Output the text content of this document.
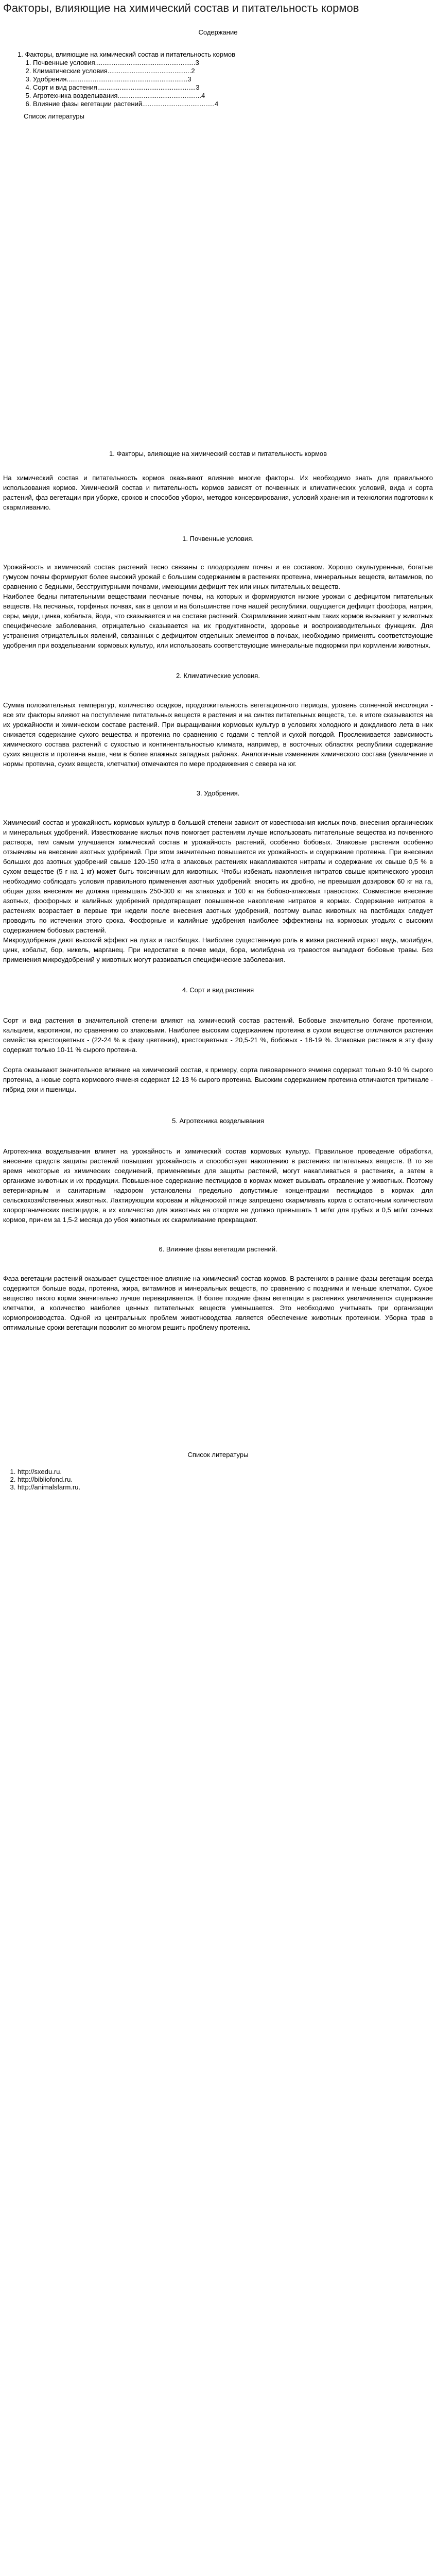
Факторы, влияющие на химический состав и питательность кормов
Содержание
1. Факторы, влияющие на химический состав и питательность кормов
1. Почвенные условия......................................................3
2. Климатические условия.............................................2
3. Удобрения.................................................................3
4. Сорт и вид растения.....................................................3
5. Агротехника возделывания.............................................4
6. Влияние фазы вегетации растений.......................................4
Список литературы
1. Факторы, влияющие на химический состав и питательность кормов

На химический состав и питательность кормов оказывают влияние многие факторы. Их необходимо знать для правильного использования кормов. Химический состав и питательность кормов зависят от почвенных и климатических условий, вида и сорта растений, фаз вегетации при уборке, сроков и способов уборки, методов консервирования, условий хранения и технологии подготовки к скармливанию.

1. Почвенные условия.

Урожайность и химический состав растений тесно связаны с плодородием почвы и ее составом. Хорошо окультуренные, богатые гумусом почвы формируют более высокий урожай с большим содержанием в растениях протеина, минеральных веществ, витаминов, по сравнению с бедными, бесструктурными почвами, имеющими дефицит тех или иных питательных веществ.

Наиболее бедны питательными веществами песчаные почвы, на которых и формируются низкие урожаи с дефицитом питательных веществ. На песчаных, торфяных почвах, как в целом и на большинстве почв нашей республики, ощущается дефицит фосфора, натрия, серы, меди, цинка, кобальта, йода, что сказывается и на составе растений. Скармливание животным таких кормов вызывает у животных специфические заболевания, отрицательно сказывается на их продуктивности, здоровье и воспроизводительных функциях. Для устранения отрицательных явлений, связанных с дефицитом отдельных элементов в почвах, необходимо применять соответствующие удобрения при возделывании кормовых культур, или использовать соответствующие минеральные подкормки при кормлении животных.

2. Климатические условия.

Сумма положительных температур, количество осадков, продолжительность вегетационного периода, уровень солнечной инсоляции - все эти факторы влияют на поступление питательных веществ в растения и на синтез питательных веществ, т.е. в итоге сказываются на их урожайности и химическом составе растений. При выращивании кормовых культур в условиях холодного и дождливого лета в них снижается содержание сухого вещества и протеина по сравнению с годами с теплой и сухой погодой. Прослеживается зависимость химического состава растений с сухостью и континентальностью климата, например, в восточных областях республики содержание сухих веществ и протеина выше, чем в более влажных западных районах. Аналогичные изменения химического состава (увеличение и нормы протеина, сухих веществ, клетчатки) отмечаются по мере продвижения с севера на юг.

3. Удобрения.

Химический состав и урожайность кормовых культур в большой степени зависит от известкования кислых почв, внесения органических и минеральных удобрений. Известкование кислых почв помогает растениям лучше использовать питательные вещества из почвенного раствора, тем самым улучшается химический состав и урожайность растений, особенно бобовых. Злаковые растения особенно отзывчивы на внесение азотных удобрений. При этом значительно повышается их урожайность и содержание протеина. При внесении больших доз азотных удобрений свыше 120-150 кг/га в злаковых растениях накапливаются нитраты и содержание их свыше 0,5 % в сухом веществе (5 г на 1 кг) может быть токсичным для животных. Чтобы избежать накопления нитратов свыше критического уровня необходимо соблюдать условия правильного применения азотных удобрений: вносить их дробно, не превышая дозировок 60 кг на га, общая доза внесения не должна превышать 250-300 кг на злаковых и 100 кг на бобово-злаковых травостоях. Совместное внесение азотных, фосфорных и калийных удобрений предотвращает повышенное накопление нитратов в кормах. Содержание нитратов в растениях возрастает в первые три недели после внесения азотных удобрений, поэтому выпас животных на пастбищах следует проводить по истечении этого срока. Фосфорные и калийные удобрения наиболее эффективны на кормовых угодьях с высоким содержанием бобовых растений.

Микроудобрения дают высокий эффект на лугах и пастбищах. Наиболее существенную роль в жизни растений играют медь, молибден, цинк, кобальт, бор, никель, марганец. При недостатке в почве меди, бора, молибдена из травостоя выпадают бобовые травы. Без применения микроудобрений у животных могут развиваться специфические заболевания.

4. Сорт и вид растения

Сорт и вид растения в значительной степени влияют на химический состав растений. Бобовые значительно богаче протеином, кальцием, каротином, по сравнению со злаковыми. Наиболее высоким содержанием протеина в сухом веществе отличаются растения семейства крестоцветных - (22-24 % в фазу цветения), крестоцветных - 20,5-21 %, бобовых - 18-19 %. Злаковые растения в эту фазу содержат только 10-11 % сырого протеина.

Сорта оказывают значительное влияние на химический состав, к примеру, сорта пивоваренного ячменя содержат только 9-10 % сырого протеина, а новые сорта кормового ячменя содержат 12-13 % сырого протеина. Высоким содержанием протеина отличаются тритикале - гибрид ржи и пшеницы.

5. Агротехника возделывания

Агротехника возделывания влияет на урожайность и химический состав кормовых культур. Правильное проведение обработки, внесение средств защиты растений повышает урожайность и способствует накоплению в растениях питательных веществ. В то же время некоторые из химических соединений, применяемых для защиты растений, могут накапливаться в растениях, а затем в организме животных и их продукции. Повышенное содержание пестицидов в кормах может вызывать отравление у животных. Поэтому ветеринарным и санитарным надзором установлены предельно допустимые концентрации пестицидов в кормах для сельскохозяйственных животных. Лактирующим коровам и яйценоской птице запрещено скармливать корма с остаточным количеством хлорорганических пестицидов, а их количество для животных на откорме не должно превышать 1 мг/кг для грубых и 0,5 мг/кг сочных кормов, причем за 1,5-2 месяца до убоя животных их скармливание прекращают.

6. Влияние фазы вегетации растений.

Фаза вегетации растений оказывает существенное влияние на химический состав кормов. В растениях в ранние фазы вегетации всегда содержится больше воды, протеина, жира, витаминов и минеральных веществ, по сравнению с поздними и меньше клетчатки. Сухое вещество такого корма значительно лучше переваривается. В более поздние фазы вегетации в растениях увеличивается содержание клетчатки, а количество наиболее ценных питательных веществ уменьшается. Это необходимо учитывать при организации кормопроизводства. Одной из центральных проблем животноводства является обеспечение животных протеином. Уборка трав в оптимальные сроки вегетации позволит во многом решить проблему протеина.

Список литературы
1. http://sxedu.ru.
2. http://bibliofond.ru.
3. http://animalsfarm.ru.
